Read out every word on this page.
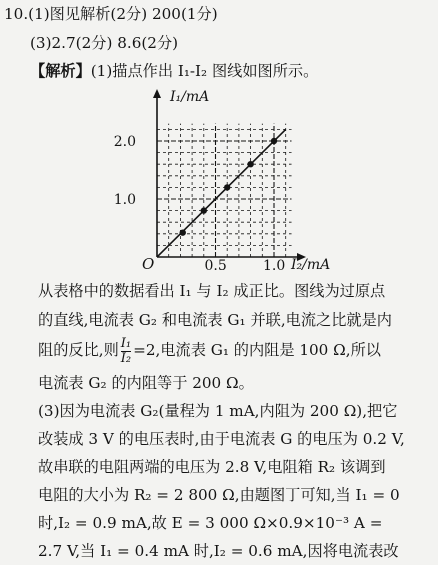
10.(1)图见解析(2分) 200(1分)
(3)2.7(2分) 8.6(2分)
【解析】(1)描点作出 I₁-I₂ 图线如图所示。
0.5	1.0
1.0
2.0
O
I₁/mA
I₂/mA
从表格中的数据看出 I₁ 与 I₂ 成正比。图线为过原点
的直线,电流表 G₂ 和电流表 G₁ 并联,电流之比就是内
阻的反比,则 $\frac{\text{I₁}}{\text{I₂}} =2$,电流表 G₁ 的内阻是 100 Ω,所以
电流表 G₂ 的内阻等于 200 Ω。
(3)因为电流表 G₂(量程为 1 mA,内阻为 200 Ω),把它
改装成 3 V 的电压表时,由于电流表 G 的电压为 0.2 V,
故串联的电阻两端的电压为 2.8 V,电阻箱 R₂ 该调到
电阻的大小为 R₂ = 2 800 Ω,由题图丁可知,当 I₁ = 0
时,I₂ = 0.9 mA,故 E = 3 000 Ω×0.9×10⁻³ A =
2.7 V,当 I₁ = 0.4 mA 时,I₂ = 0.6 mA,因将电流表改
